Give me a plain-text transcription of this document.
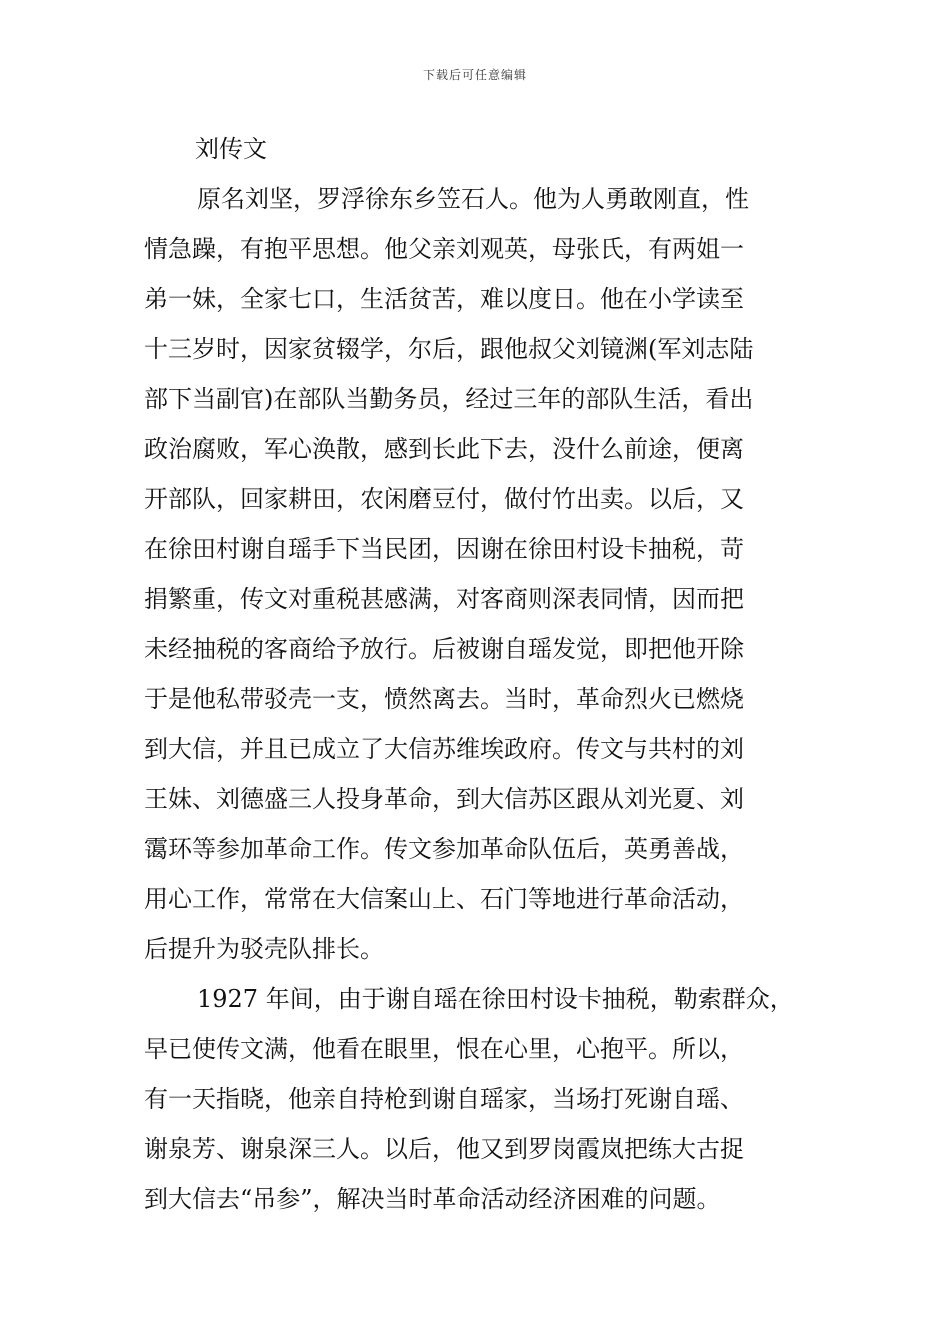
下载后可任意编辑
刘传文
原名刘坚，罗浮徐东乡笠石人。他为人勇敢刚直，性
情急躁，有抱平思想。他父亲刘观英，母张氏，有两姐一
弟一妹，全家七口，生活贫苦，难以度日。他在小学读至
十三岁时，因家贫辍学，尔后，跟他叔父刘镜渊(军刘志陆
部下当副官)在部队当勤务员，经过三年的部队生活，看出
政治腐败，军心涣散，感到长此下去，没什么前途，便离
开部队，回家耕田，农闲磨豆付，做付竹出卖。以后，又
在徐田村谢自瑶手下当民团，因谢在徐田村设卡抽税，苛
捐繁重，传文对重税甚感满，对客商则深表同情，因而把
未经抽税的客商给予放行。后被谢自瑶发觉，即把他开除
于是他私带驳壳一支，愤然离去。当时，革命烈火已燃烧
到大信，并且已成立了大信苏维埃政府。传文与共村的刘
王妹、刘德盛三人投身革命，到大信苏区跟从刘光夏、刘
霭环等参加革命工作。传文参加革命队伍后，英勇善战，
用心工作，常常在大信案山上、石门等地进行革命活动，
后提升为驳壳队排长。
1927 年间，由于谢自瑶在徐田村设卡抽税，勒索群众，
早已使传文满，他看在眼里，恨在心里，心抱平。所以，
有一天指晓，他亲自持枪到谢自瑶家，当场打死谢自瑶、
谢泉芳、谢泉深三人。以后，他又到罗岗霞岚把练大古捉
到大信去“吊参”，解决当时革命活动经济困难的问题。
